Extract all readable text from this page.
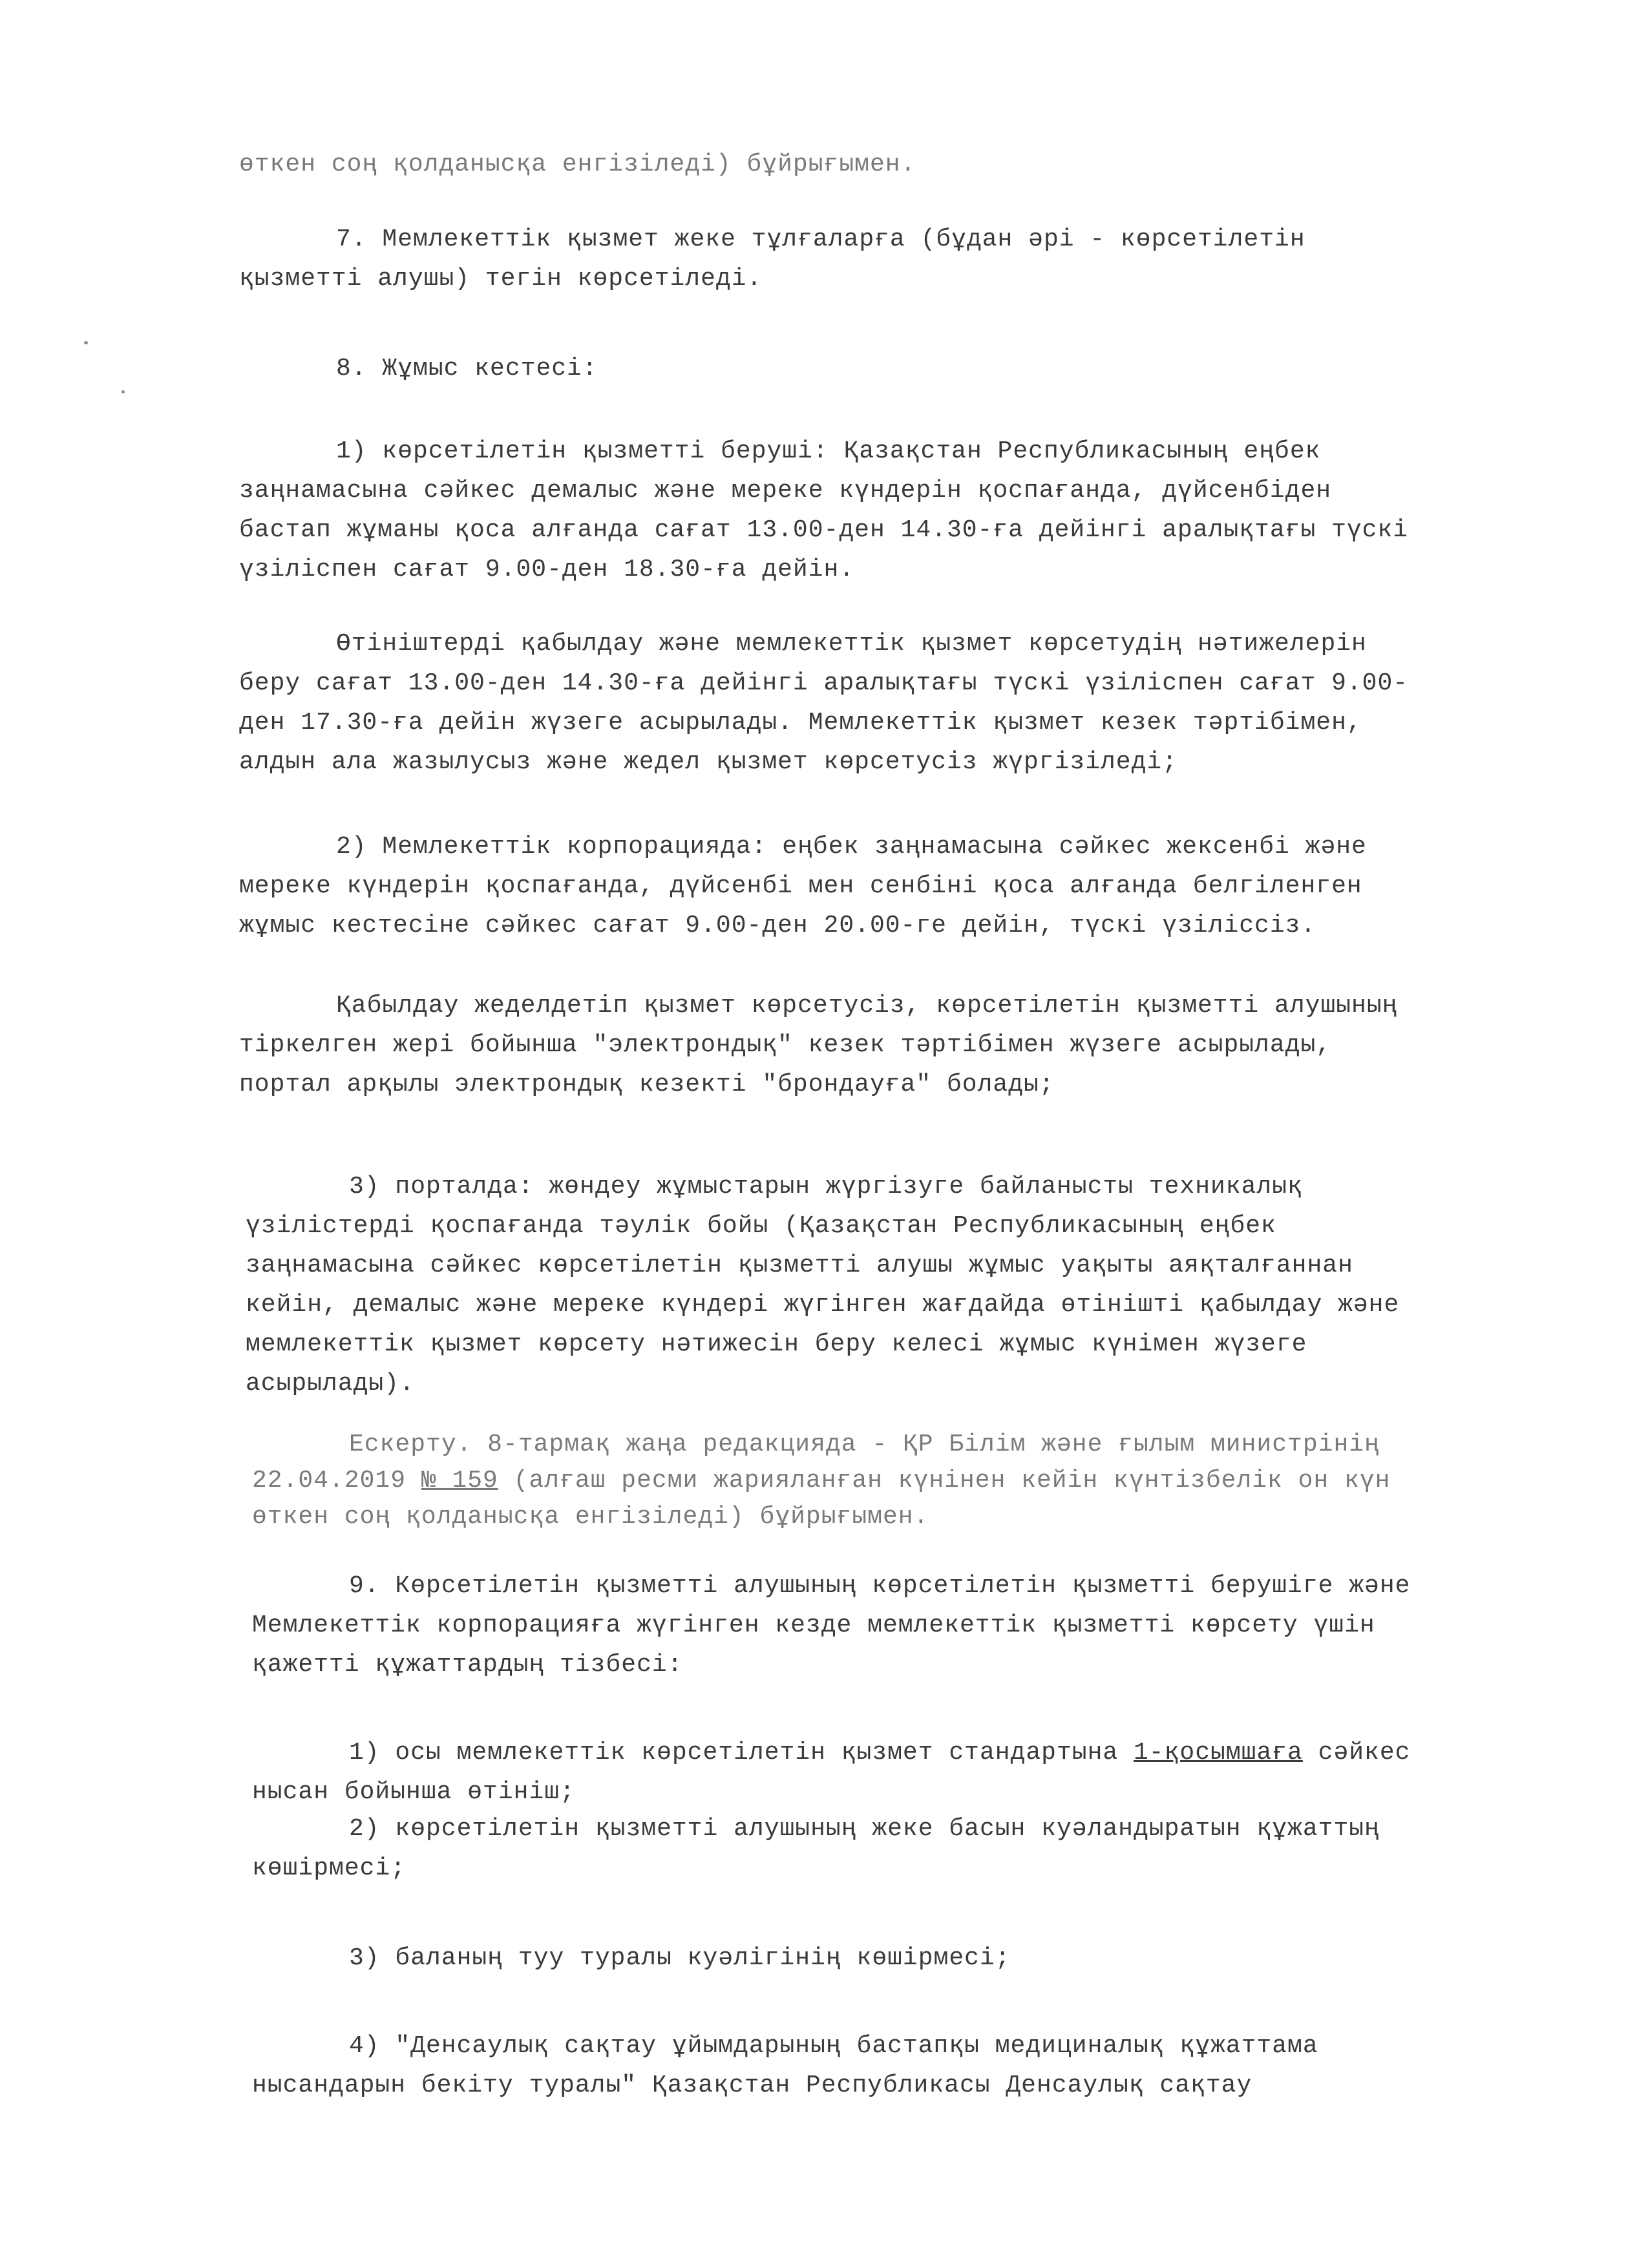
өткен соң қолданысқа енгізіледі) бұйрығымен.
7. Мемлекеттік қызмет жеке тұлғаларға (бұдан әрі - көрсетілетін
қызметті алушы) тегін көрсетіледі.
8. Жұмыс кестесі:
1) көрсетілетін қызметті беруші: Қазақстан Республикасының еңбек
заңнамасына сәйкес демалыс және мереке күндерін қоспағанда, дүйсенбіден
бастап жұманы қоса алғанда сағат 13.00-ден 14.30-ға дейінгі аралықтағы түскі
үзіліспен сағат 9.00-ден 18.30-ға дейін.
Өтініштерді қабылдау және мемлекеттік қызмет көрсетудің нәтижелерін
беру сағат 13.00-ден 14.30-ға дейінгі аралықтағы түскі үзіліспен сағат 9.00-
ден 17.30-ға дейін жүзеге асырылады. Мемлекеттік қызмет кезек тәртібімен,
алдын ала жазылусыз және жедел қызмет көрсетусіз жүргізіледі;
2) Мемлекеттік корпорацияда: еңбек заңнамасына сәйкес жексенбі және
мереке күндерін қоспағанда, дүйсенбі мен сенбіні қоса алғанда белгіленген
жұмыс кестесіне сәйкес сағат 9.00-ден 20.00-ге дейін, түскі үзіліссіз.
Қабылдау жеделдетіп қызмет көрсетусіз, көрсетілетін қызметті алушының
тіркелген жері бойынша "электрондық" кезек тәртібімен жүзеге асырылады,
портал арқылы электрондық кезекті "брондауға" болады;
3) порталда: жөндеу жұмыстарын жүргізуге байланысты техникалық
үзілістерді қоспағанда тәулік бойы (Қазақстан Республикасының еңбек
заңнамасына сәйкес көрсетілетін қызметті алушы жұмыс уақыты аяқталғаннан
кейін, демалыс және мереке күндері жүгінген жағдайда өтінішті қабылдау және
мемлекеттік қызмет көрсету нәтижесін беру келесі жұмыс күнімен жүзеге
асырылады).
Ескерту. 8-тармақ жаңа редакцияда - ҚР Білім және ғылым министрінің
22.04.2019 № 159 (алғаш ресми жарияланған күнінен кейін күнтізбелік он күн
өткен соң қолданысқа енгізіледі) бұйрығымен.
9. Көрсетілетін қызметті алушының көрсетілетін қызметті берушіге және
Мемлекеттік корпорацияға жүгінген кезде мемлекеттік қызметті көрсету үшін
қажетті құжаттардың тізбесі:
1) осы мемлекеттік көрсетілетін қызмет стандартына 1-қосымшаға сәйкес
нысан бойынша өтініш;
2) көрсетілетін қызметті алушының жеке басын куәландыратын құжаттың
көшірмесі;
3) баланың туу туралы куәлігінің көшірмесі;
4) "Денсаулық сақтау ұйымдарының бастапқы медициналық құжаттама
нысандарын бекіту туралы" Қазақстан Республикасы Денсаулық сақтау
